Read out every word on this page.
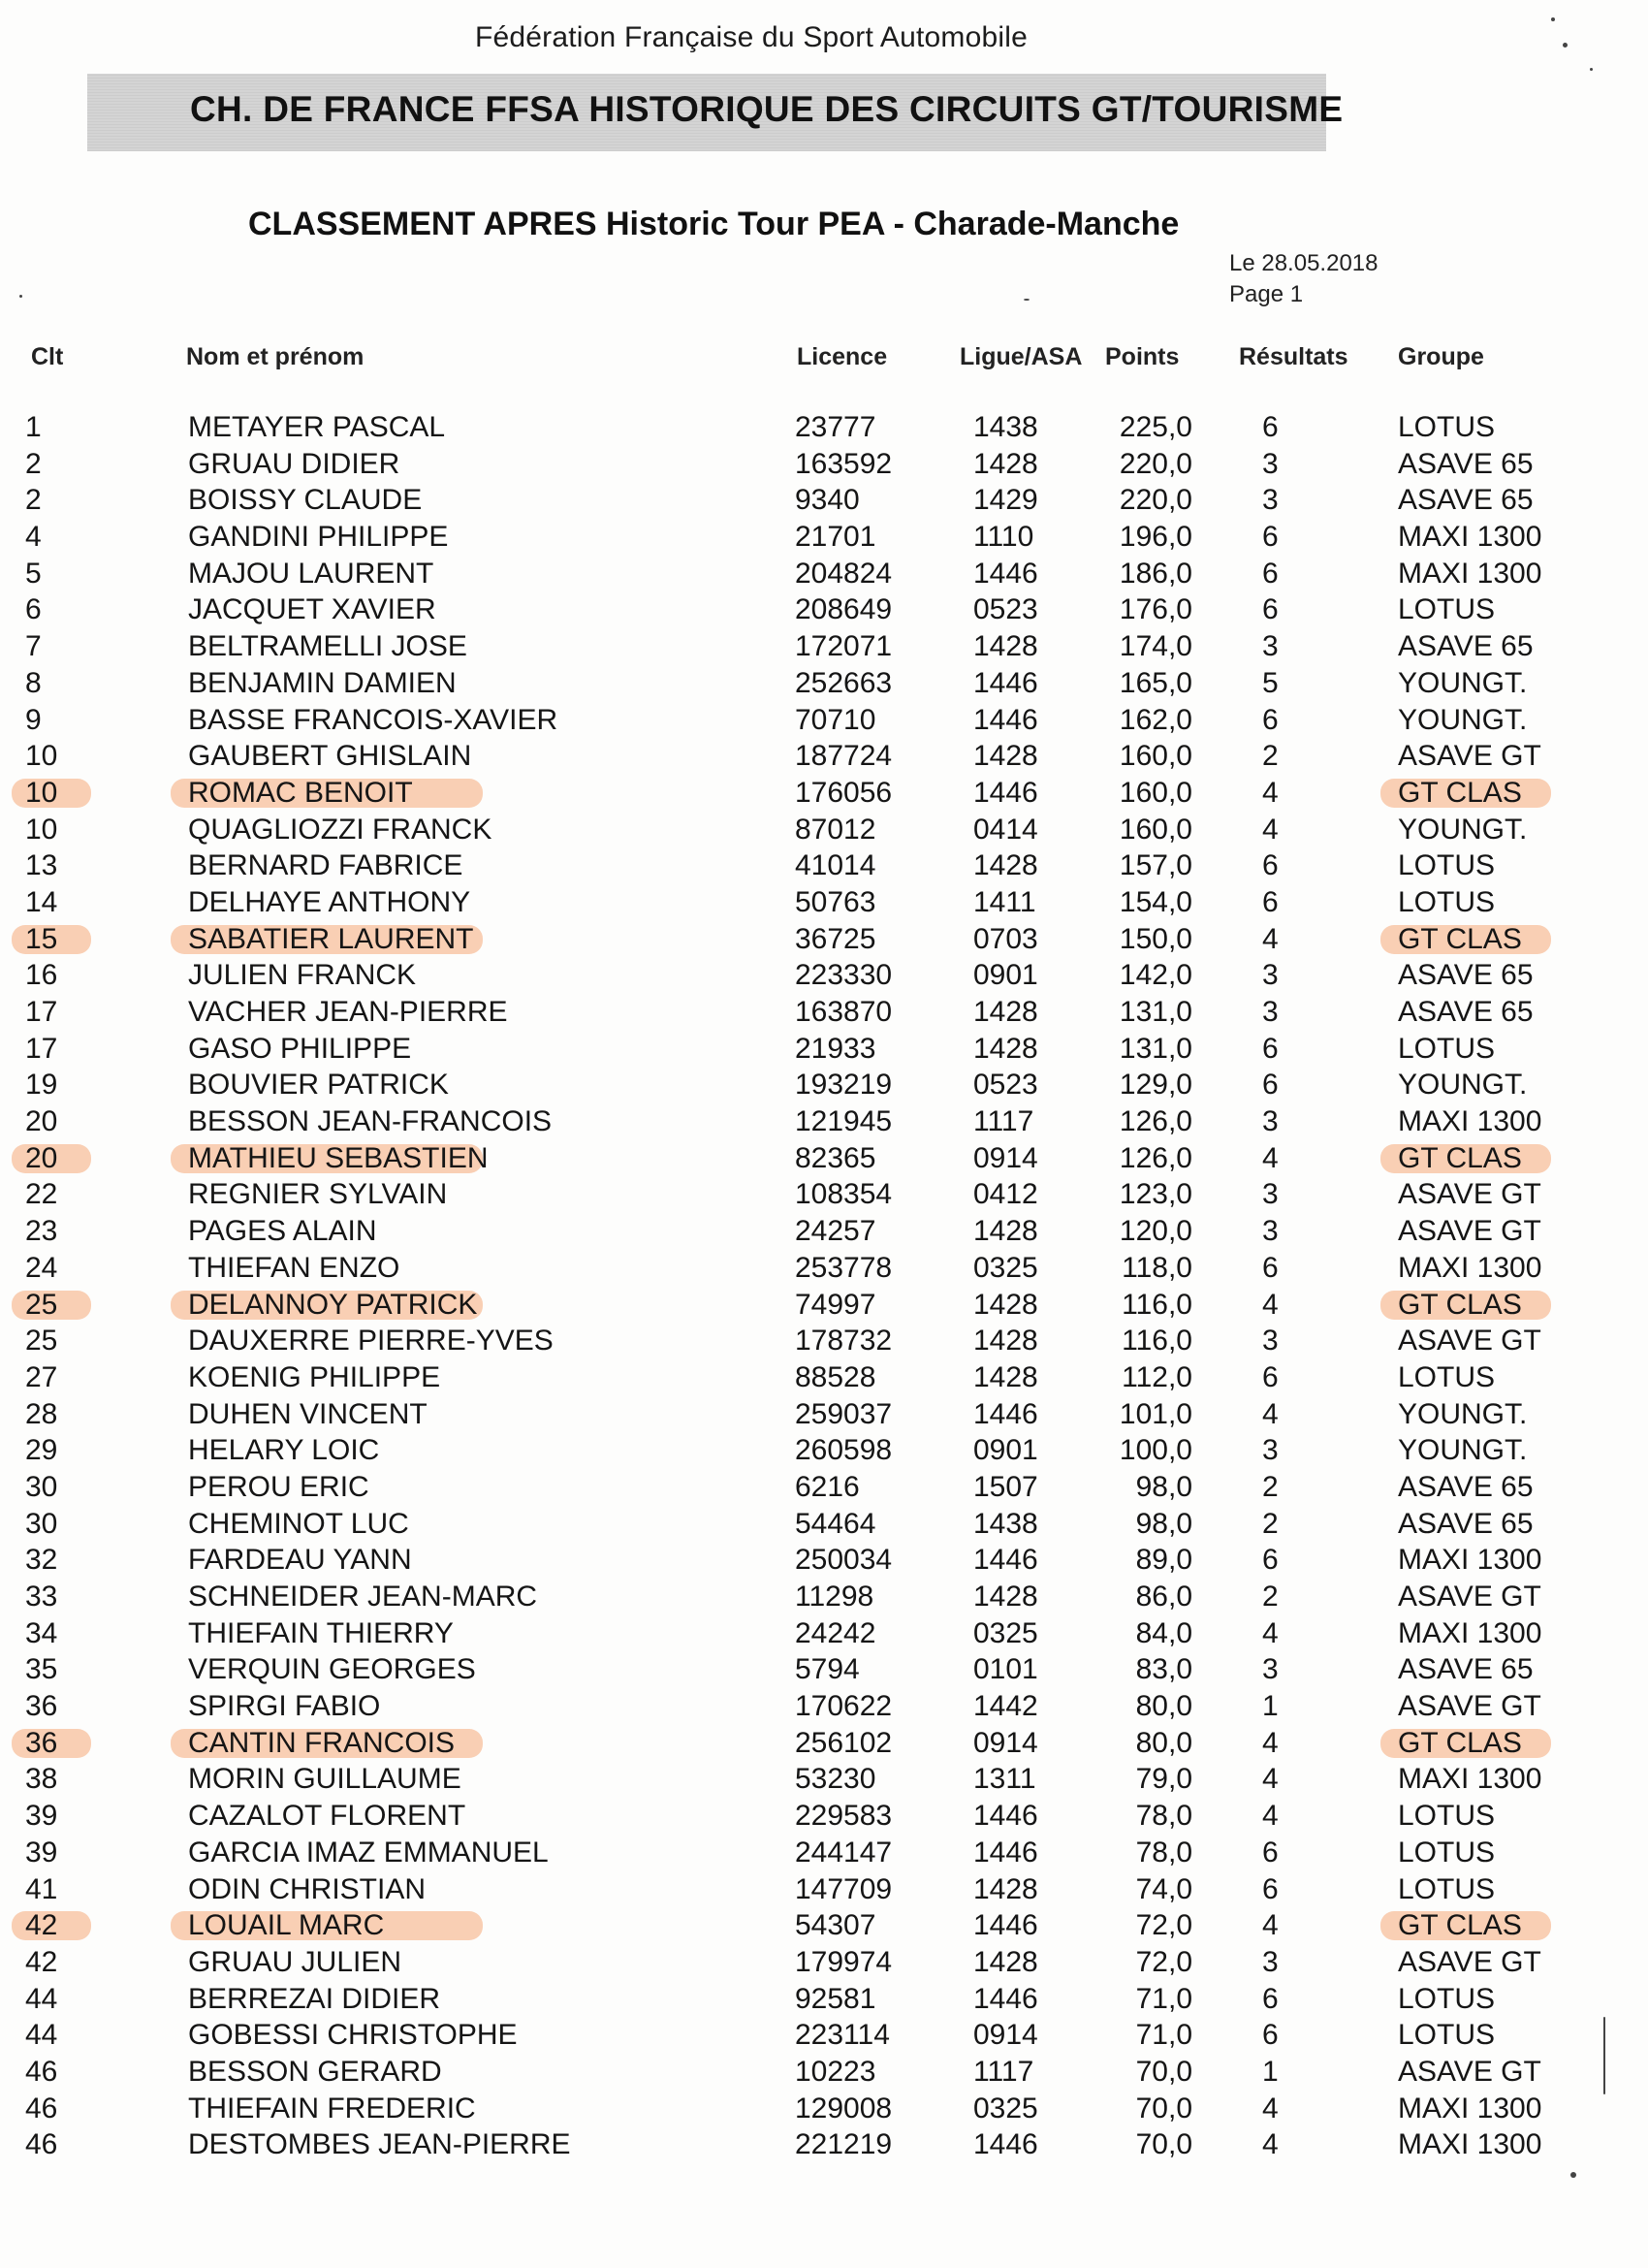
Fédération Française du Sport Automobile
CH. DE FRANCE FFSA HISTORIQUE DES CIRCUITS GT/TOURISME
CLASSEMENT APRES Historic Tour PEA - Charade-Manche
Le 28.05.2018
Page 1
Clt	Nom et prénom	Licence	Ligue/ASA Points Résultats Groupe
1	METAYER PASCAL	23777	1438	225,0 6	LOTUS
2	GRUAU DIDIER	163592	1428	220,0 3	ASAVE 65
2	BOISSY CLAUDE	9340	1429	220,0 3	ASAVE 65
4	GANDINI PHILIPPE	21701	1110	196,0 6	MAXI 1300
5	MAJOU LAURENT	204824	1446	186,0 6	MAXI 1300
6	JACQUET XAVIER	208649	0523	176,0 6	LOTUS
7	BELTRAMELLI JOSE	172071	1428	174,0 3	ASAVE 65
8	BENJAMIN DAMIEN	252663	1446	165,0 5	YOUNGT.
9	BASSE FRANCOIS-XAVIER	70710	1446	162,0 6	YOUNGT.
10	GAUBERT GHISLAIN	187724	1428	160,0 2	ASAVE GT
10	ROMAC BENOIT	176056	1446	160,0 4	GT CLAS
10	QUAGLIOZZI FRANCK	87012	0414	160,0 4	YOUNGT.
13	BERNARD FABRICE	41014	1428	157,0 6	LOTUS
14	DELHAYE ANTHONY	50763	1411	154,0 6	LOTUS
15	SABATIER LAURENT	36725	0703	150,0 4	GT CLAS
16	JULIEN FRANCK	223330	0901	142,0 3	ASAVE 65
17	VACHER JEAN-PIERRE	163870	1428	131,0 3	ASAVE 65
17	GASO PHILIPPE	21933	1428	131,0 6	LOTUS
19	BOUVIER PATRICK	193219	0523	129,0 6	YOUNGT.
20	BESSON JEAN-FRANCOIS	121945	1117	126,0 3	MAXI 1300
20	MATHIEU SEBASTIEN	82365	0914	126,0 4	GT CLAS
22	REGNIER SYLVAIN	108354	0412	123,0 3	ASAVE GT
23	PAGES ALAIN	24257	1428	120,0 3	ASAVE GT
24	THIEFAN ENZO	253778	0325	118,0 6	MAXI 1300
25	DELANNOY PATRICK	74997	1428	116,0 4	GT CLAS
25	DAUXERRE PIERRE-YVES	178732	1428	116,0 3	ASAVE GT
27	KOENIG PHILIPPE	88528	1428	112,0 6	LOTUS
28	DUHEN VINCENT	259037	1446	101,0 4	YOUNGT.
29	HELARY LOIC	260598	0901	100,0 3	YOUNGT.
30	PEROU ERIC	6216	1507	98,0 2	ASAVE 65
30	CHEMINOT LUC	54464	1438	98,0 2	ASAVE 65
32	FARDEAU YANN	250034	1446	89,0 6	MAXI 1300
33	SCHNEIDER JEAN-MARC	11298	1428	86,0 2	ASAVE GT
34	THIEFAIN THIERRY	24242	0325	84,0 4	MAXI 1300
35	VERQUIN GEORGES	5794	0101	83,0 3	ASAVE 65
36	SPIRGI FABIO	170622	1442	80,0 1	ASAVE GT
36	CANTIN FRANCOIS	256102	0914	80,0 4	GT CLAS
38	MORIN GUILLAUME	53230	1311	79,0 4	MAXI 1300
39	CAZALOT FLORENT	229583	1446	78,0 4	LOTUS
39	GARCIA IMAZ EMMANUEL	244147	1446	78,0 6	LOTUS
41	ODIN CHRISTIAN	147709	1428	74,0 6	LOTUS
42	LOUAIL MARC	54307	1446	72,0 4	GT CLAS
42	GRUAU JULIEN	179974	1428	72,0 3	ASAVE GT
44	BERREZAI DIDIER	92581	1446	71,0 6	LOTUS
44	GOBESSI CHRISTOPHE	223114	0914	71,0 6	LOTUS
46	BESSON GERARD	10223	1117	70,0 1	ASAVE GT
46	THIEFAIN FREDERIC	129008	0325	70,0 4	MAXI 1300
46	DESTOMBES JEAN-PIERRE	221219	1446	70,0 4	MAXI 1300
